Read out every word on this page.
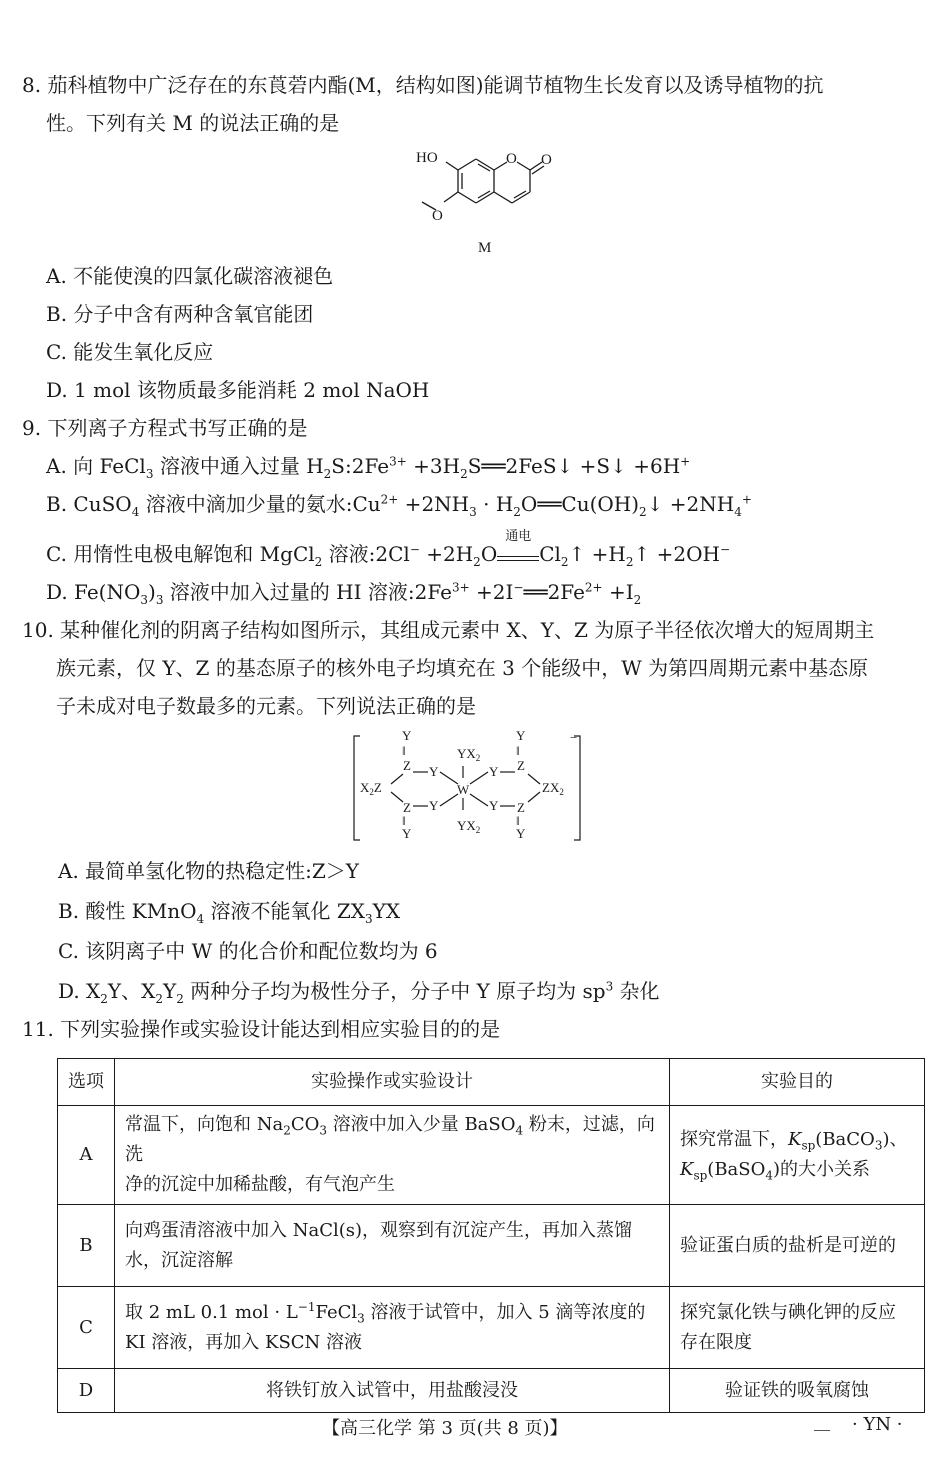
8. 茄科植物中广泛存在的东莨菪内酯(M，结构如图)能调节植物生长发育以及诱导植物的抗
性。下列有关 M 的说法正确的是
HO	O O
O
M
A. 不能使溴的四氯化碳溶液褪色
B. 分子中含有两种含氧官能团
C. 能发生氧化反应
D. 1 mol 该物质最多能消耗 2 mol NaOH
9. 下列离子方程式书写正确的是
A. 向 FeCl$_3$ 溶液中通入过量 $H_2S:2Fe^{3+}$ $+3H_2S══2FeS↓$ +S↓ +6H+
B. CuSO$_4$ 溶液中滴加少量的氨水$:Cu^{2+} +2NH_3$ · $H_2O══Cu(OH)_2↓ +2NH_4^+$
C. 用惰性电极电解饱和 MgCl$_2$ 溶液:2Cl− $+2H_2O$
通电
$Cl_2↑$ $+H_2↑ +2OH^-$
D. $Fe(NO_3)_3$ 溶液中加入过量的 HI 溶液$:2Fe^{3+}$ $+2I^-══2Fe^{2+} +I_2$
10. 某种催化剂的阴离子结构如图所示，其组成元素中 X、Y、Z 为原子半径依次增大的短周期主
族元素，仅 Y、Z 的基态原子的核外电子均填充在 3 个能级中，W 为第四周期元素中基态原
子未成对电子数最多的元素。下列说法正确的是
−
Y
‖
Z Y
$YX_2$
Y
‖
Z
Y
$X_2Z$	W	$ZX_2$
Z
‖
Y
Y
$YX_2$
Y Z
‖
Y
A. 最简单氢化物的热稳定性:Z＞Y
B. 酸性 KMnO$_4$ 溶液不能氧化 $ZX_3YX$
C. 该阴离子中 W 的化合价和配位数均为 6
D. $X_2Y$、$X_2Y_2$ 两种分子均为极性分子，分子中 Y 原子均为 $sp^3$ 杂化
11. 下列实验操作或实验设计能达到相应实验目的的是
选项	实验操作或实验设计	实验目的
A	常温下，向饱和 $Na_2CO_3$ 溶液中加入少量 BaSO$_4$ 粉末，过滤，向洗
净的沉淀中加稀盐酸，有气泡产生	探究常温下，$K_{sp}(BaCO_3)$、
$K_{sp}(BaSO_4)$的大小关系
B	向鸡蛋清溶液中加入 NaCl(s)，观察到有沉淀产生，再加入蒸馏
水，沉淀溶解	验证蛋白质的盐析是可逆的
C	取 2 mL 0.1 mol · $L^{-1}FeCl_3$ 溶液于试管中，加入 5 滴等浓度的
KI 溶液，再加入 KSCN 溶液	探究氯化铁与碘化钾的反应
存在限度
D	将铁钉放入试管中，用盐酸浸没	验证铁的吸氧腐蚀
【高三化学 第 3 页(共 8 页)】	· YN ·
